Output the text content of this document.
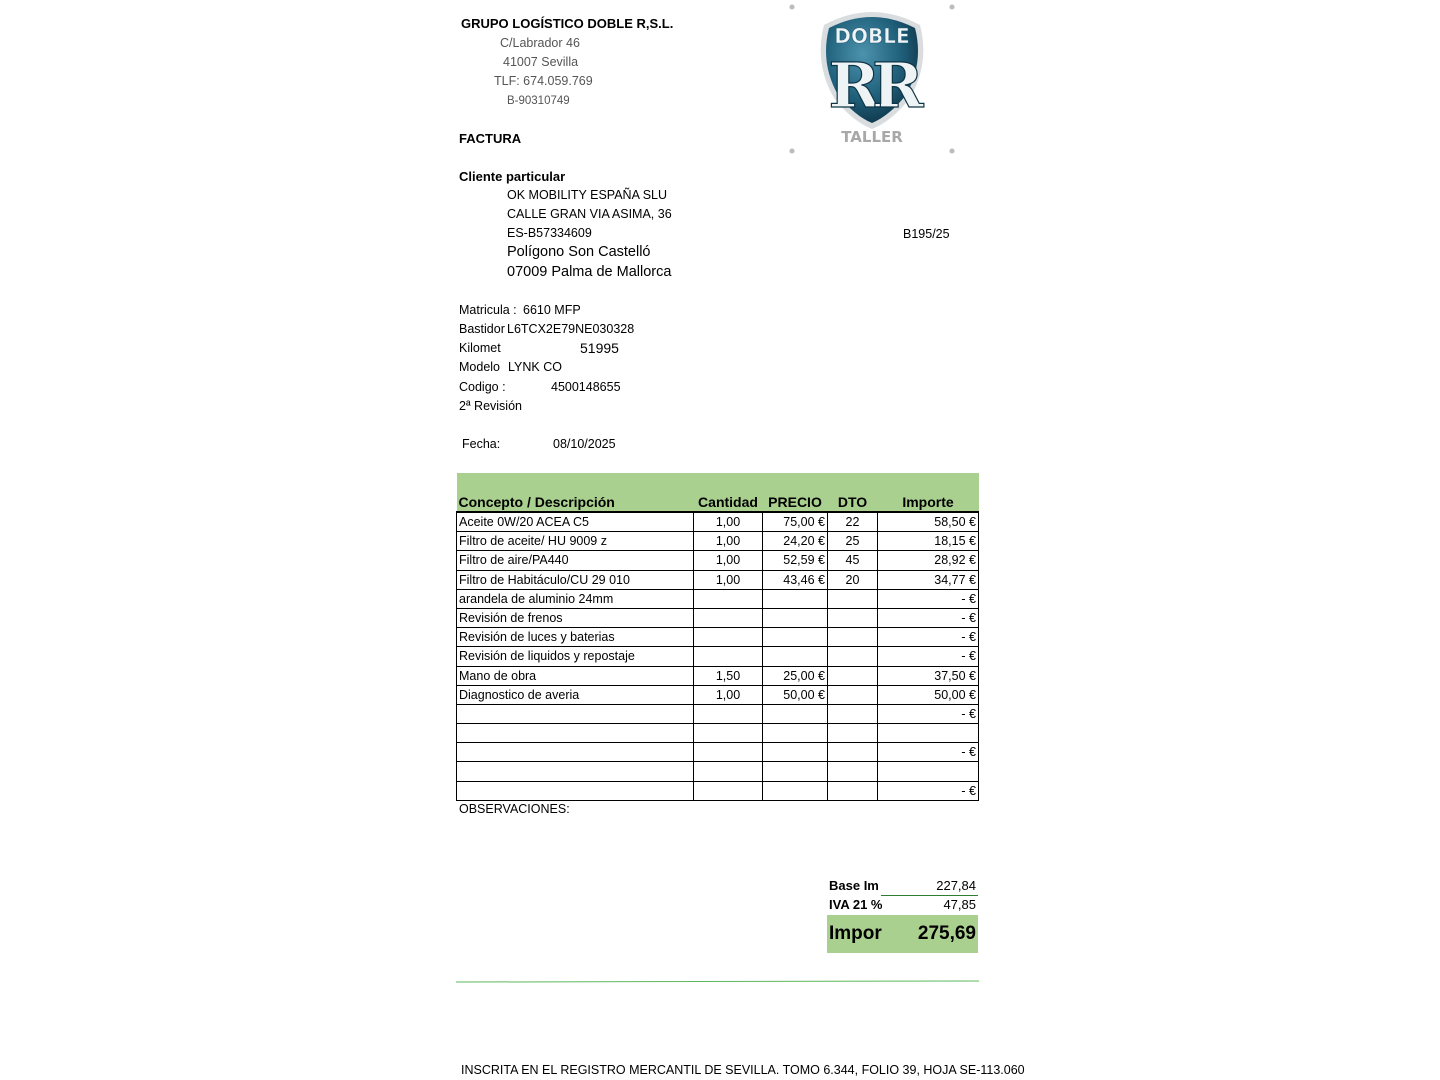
GRUPO LOGÍSTICO DOBLE R,S.L.
C/Labrador 46
41007 Sevilla
TLF: 674.059.769
B-90310749
DOBLE
RR
TALLER
FACTURA
Cliente particular
OK MOBILITY ESPAÑA SLU
CALLE GRAN VIA ASIMA, 36
ES-B57334609	B195/25
Polígono Son Castelló
07009 Palma de Mallorca
Matricula : 6610 MFP
Bastidor L6TCX2E79NE030328
Kilomet	51995
Modelo LYNK CO
Codigo :	4500148655
2ª Revisión
Fecha:	08/10/2025
Concepto / Descripción	Cantidad	PRECIO	DTO	Importe
Aceite 0W/20 ACEA C5	1,00	75,00 €	22	58,50 €
Filtro de aceite/ HU 9009 z	1,00	24,20 €	25	18,15 €
Filtro de aire/PA440	1,00	52,59 €	45	28,92 €
Filtro de Habitáculo/CU 29 010	1,00	43,46 €	20	34,77 €
arandela de aluminio 24mm				- €
Revisión de frenos				- €
Revisión de luces y baterias				- €
Revisión de liquidos y repostaje				- €
Mano de obra	1,50	25,00 €		37,50 €
Diagnostico de averia	1,00	50,00 €		50,00 €
				- €

				- €

				- €
OBSERVACIONES:
Base Im	227,84
IVA 21 %	47,85
Impor 275,69
INSCRITA EN EL REGISTRO MERCANTIL DE SEVILLA. TOMO 6.344, FOLIO 39, HOJA SE-113.060
